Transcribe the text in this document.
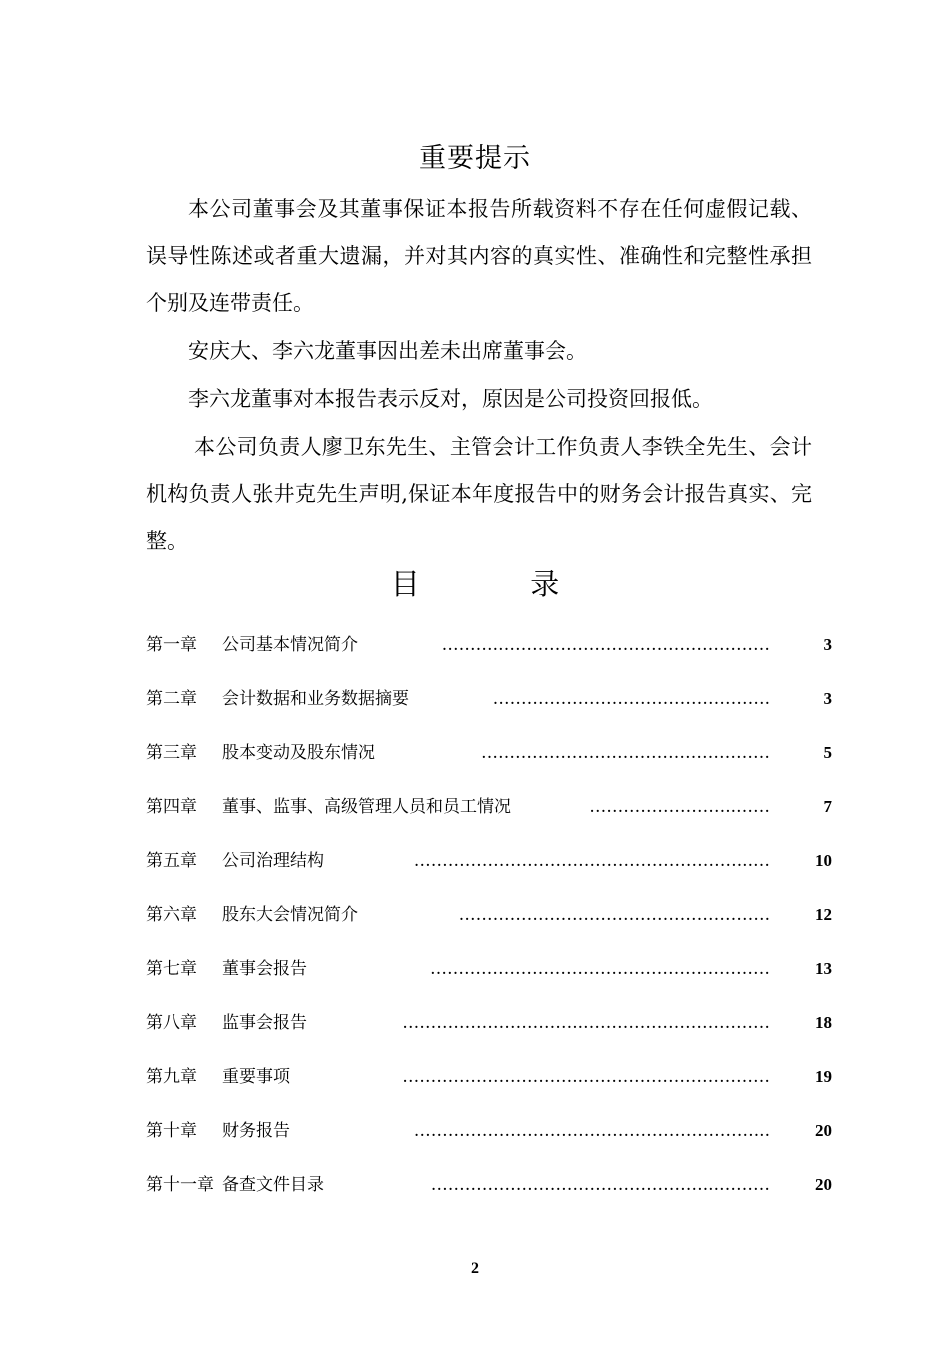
重要提示

本公司董事会及其董事保证本报告所载资料不存在任何虚假记载、误导性陈述或者重大遗漏，并对其内容的真实性、准确性和完整性承担个别及连带责任。

安庆大、李六龙董事因出差未出席董事会。

李六龙董事对本报告表示反对，原因是公司投资回报低。

本公司负责人廖卫东先生、主管会计工作负责人李铁全先生、会计机构负责人张井克先生声明,保证本年度报告中的财务会计报告真实、完整。

目	录
第一章 公司基本情况简介	……….…………………………………………	3
第二章 会计数据和业务数据摘要	………………………………………….	3
第三章 股本变动及股东情况	……………………………………………	5
第四章 董事、监事、高级管理人员和员工情况	……………………..……	7
第五章 公司治理结构	…………………………………………………...…	10
第六章 股东大会情况简介	……………………………………………….	12
第七章 董事会报告	……………………………………………………	13
第八章 监事会报告	…………………………..……………………………	18
第九章 重要事项	…………………………..……………………………	19
第十章 财务报告	……………………………………………………...	20
第十一章 备查文件目录	…………………………………………...………	20
2
